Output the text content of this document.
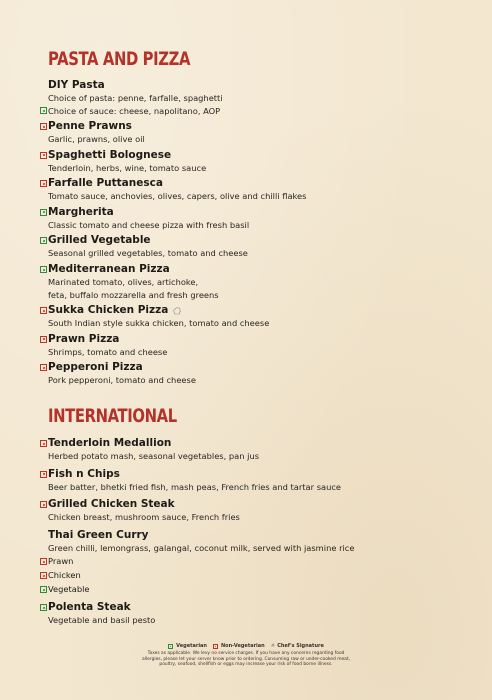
PASTA AND PIZZA
DIY Pasta
Choice of pasta: penne, farfalle, spaghetti
Choice of sauce: cheese, napolitano, AOP
Penne Prawns
Garlic, prawns, olive oil
Spaghetti Bolognese
Tenderloin, herbs, wine, tomato sauce
Farfalle Puttanesca
Tomato sauce, anchovies, olives, capers, olive and chilli flakes
Margherita
Classic tomato and cheese pizza with fresh basil
Grilled Vegetable
Seasonal grilled vegetables, tomato and cheese
Mediterranean Pizza
Marinated tomato, olives, artichoke,
feta, buffalo mozzarella and fresh greens
Sukka Chicken Pizza
South Indian style sukka chicken, tomato and cheese
Prawn Pizza
Shrimps, tomato and cheese
Pepperoni Pizza
Pork pepperoni, tomato and cheese
INTERNATIONAL
Tenderloin Medallion
Herbed potato mash, seasonal vegetables, pan jus
Fish n Chips
Beer batter, bhetki fried fish, mash peas, French fries and tartar sauce
Grilled Chicken Steak
Chicken breast, mushroom sauce, French fries
Thai Green Curry
Green chilli, lemongrass, galangal, coconut milk, served with jasmine rice
Prawn
Chicken
Vegetable
Polenta Steak
Vegetable and basil pesto
Vegetarian	Non-Vegetarian ☼ Chef's Signature
Taxes as applicable. We levy no service charges. If you have any concerns regarding food
allergies, please let your server know prior to ordering. Consuming raw or under-cooked meat,
poultry, seafood, shellfish or eggs may increase your risk of food borne illness.
